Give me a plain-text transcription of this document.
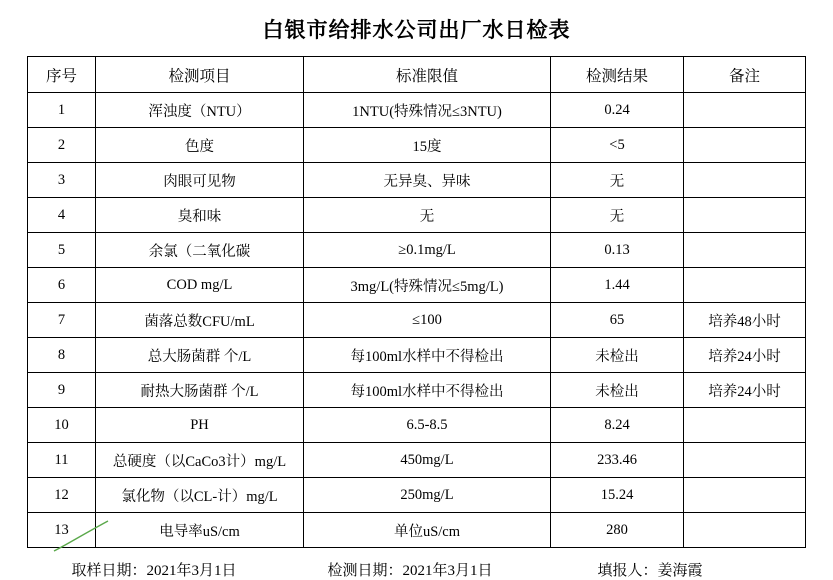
白银市给排水公司出厂水日检表
序号	检测项目	标准限值	检测结果	备注
1	浑浊度（NTU）	1NTU(特殊情况≤3NTU)	0.24	
2	色度	15度	<5	
3	肉眼可见物	无异臭、异味	无	
4	臭和味	无	无	
5	余氯（二氧化碳	≥0.1mg/L	0.13	
6	COD mg/L	3mg/L(特殊情况≤5mg/L)	1.44	
7	菌落总数CFU/mL	≤100	65	培养48小时
8	总大肠菌群 个/L	每100ml水样中不得检出	未检出	培养24小时
9	耐热大肠菌群 个/L	每100ml水样中不得检出	未检出	培养24小时
10	PH	6.5-8.5	8.24	
11	总硬度（以CaCo3计）mg/L	450mg/L	233.46	
12	氯化物（以CL-计）mg/L	250mg/L	15.24	
13	电导率uS/cm	单位uS/cm	280	
取样日期：2021年3月1日	检测日期：2021年3月1日	填报人：姜海霞
